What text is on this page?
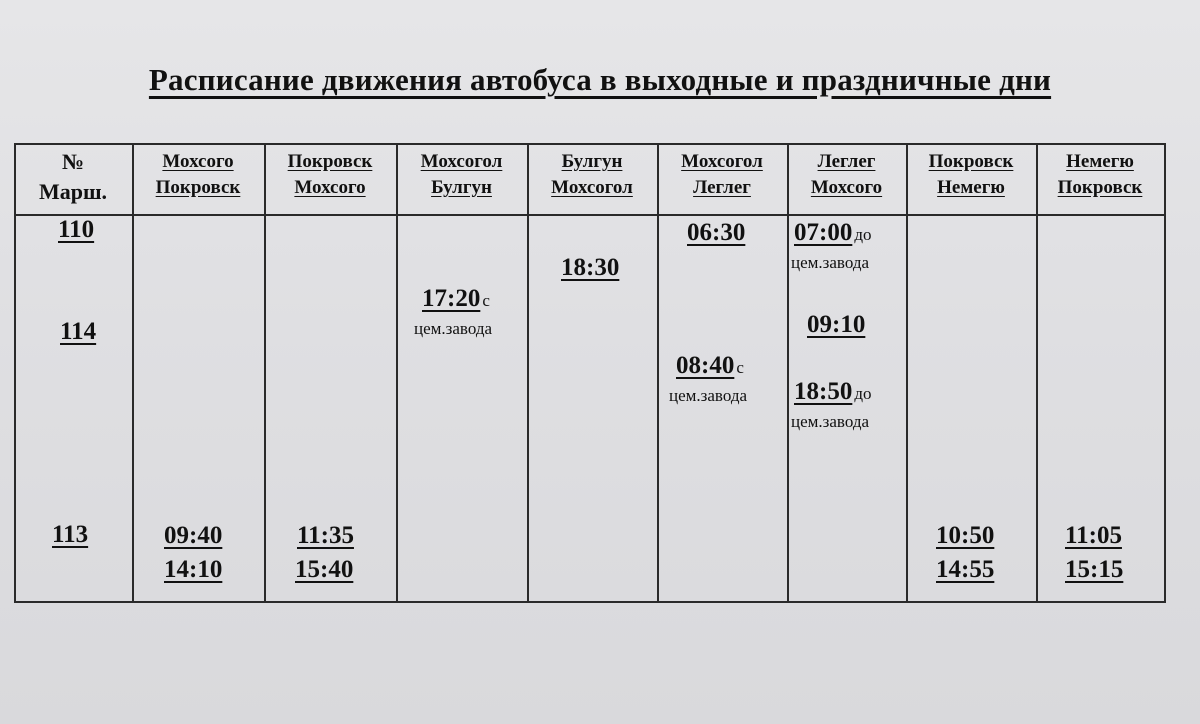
Расписание движения автобуса в выходные и праздничные дни
№
Марш.
Мохсого
Покровск
Покровск
Мохсого
Мохсогол
Булгун
Булгун
Мохсогол
Мохсогол
Леглег
Леглег
Мохсого
Покровск
Немегю
Немегю
Покровск
110
114
113	09:40
14:10
11:35
15:40
17:20 с
цем.завода
18:30
06:30
08:40 с
цем.завода
07:00 до
цем.завода
09:10
18:50 до
цем.завода
10:50
14:55
11:05
15:15
